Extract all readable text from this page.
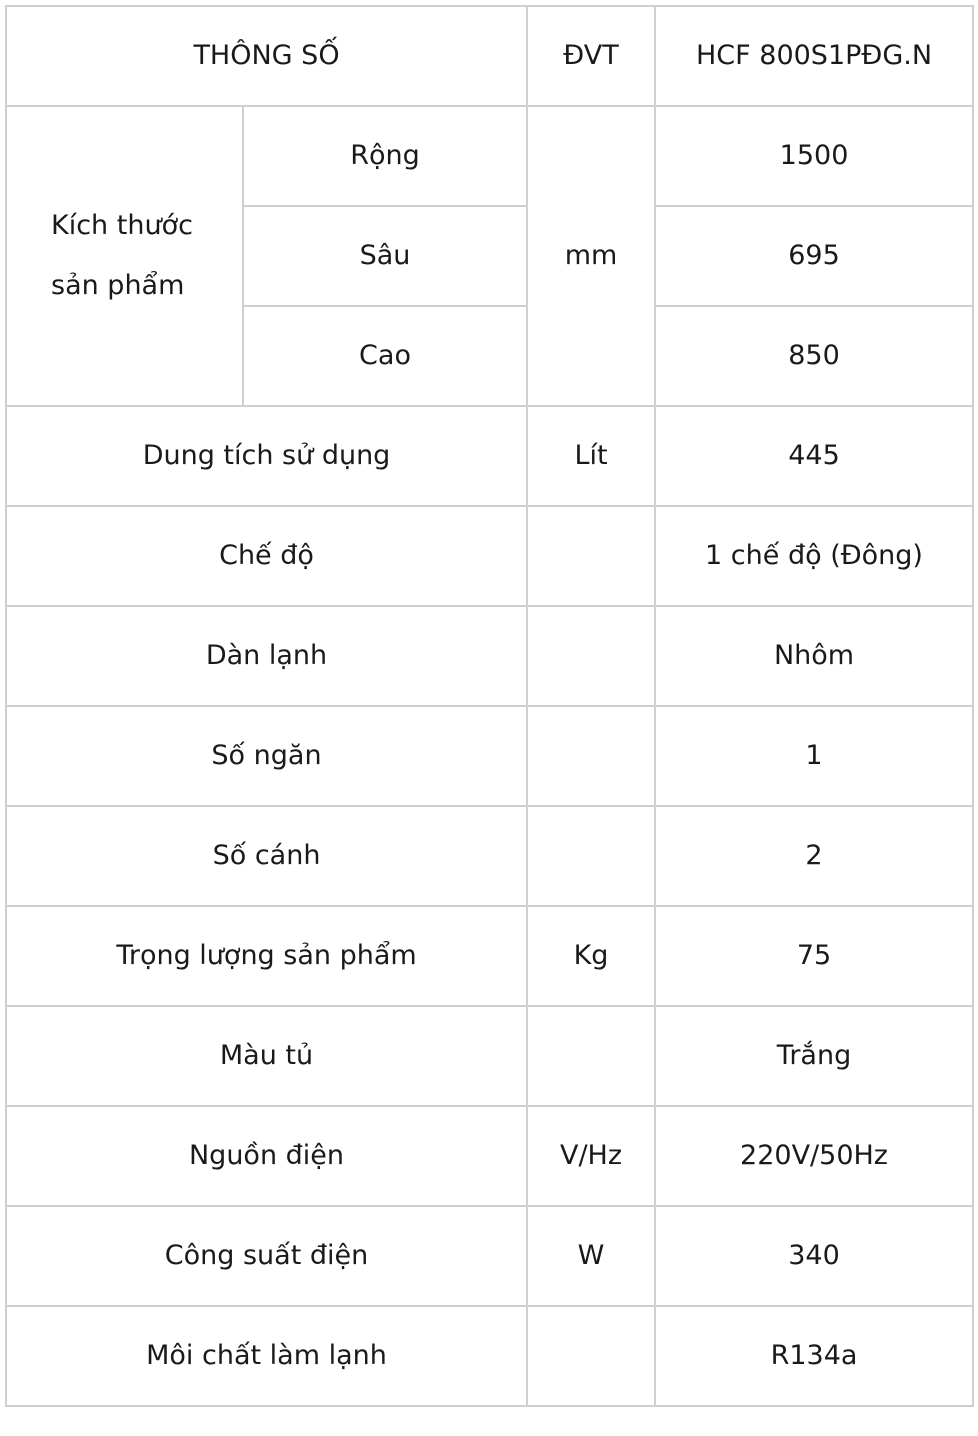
THÔNG SỐ		ĐVT	HCF 800S1PĐG.N
Kích thước
sản phẩm	Rộng	mm	1500
	Sâu		695
	Cao		850
Dung tích sử dụng		Lít	445
Chế độ			1 chế độ (Đông)
Dàn lạnh			Nhôm
Số ngăn			1
Số cánh			2
Trọng lượng sản phẩm		Kg	75
Màu tủ			Trắng
Nguồn điện		V/Hz	220V/50Hz
Công suất điện		W	340
Môi chất làm lạnh			R134a
